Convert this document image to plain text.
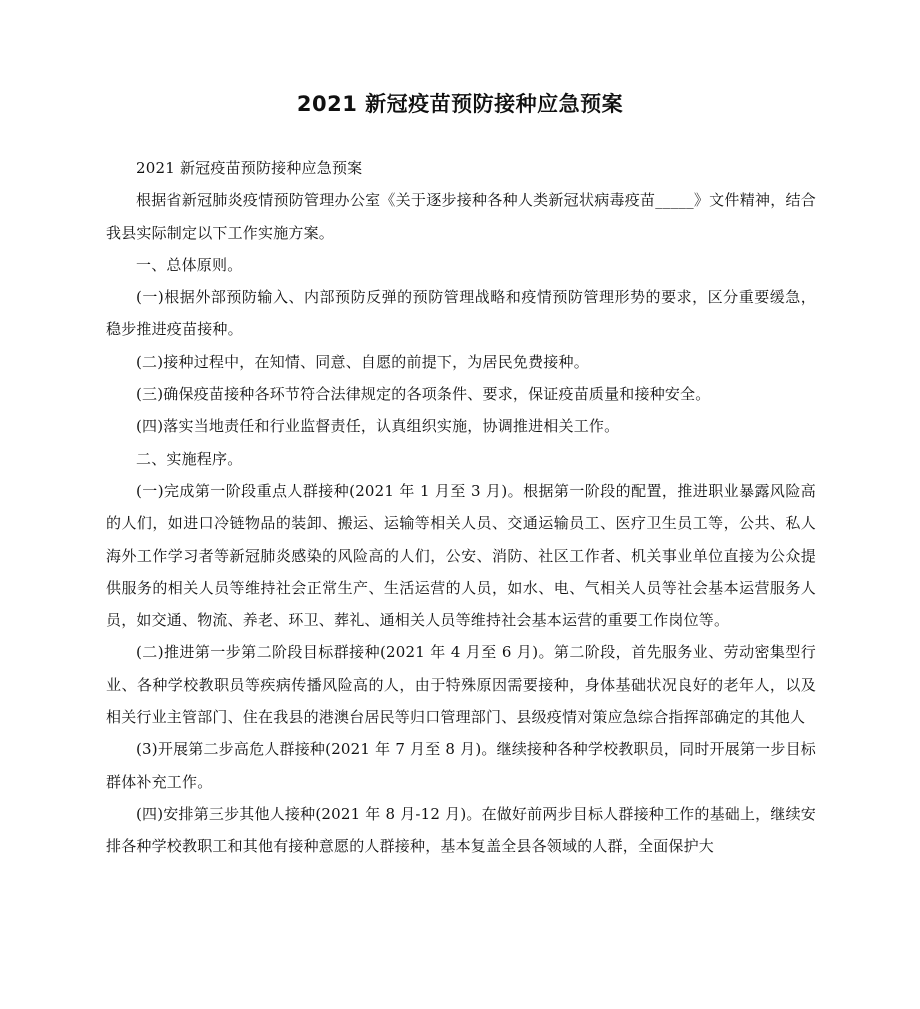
2021 新冠疫苗预防接种应急预案

2021 新冠疫苗预防接种应急预案

根据省新冠肺炎疫情预防管理办公室《关于逐步接种各种人类新冠状病毒疫苗_____》文件精神，结合我县实际制定以下工作实施方案。

一、总体原则。

(一)根据外部预防输入、内部预防反弹的预防管理战略和疫情预防管理形势的要求，区分重要缓急，稳步推进疫苗接种。

(二)接种过程中，在知情、同意、自愿的前提下，为居民免费接种。

(三)确保疫苗接种各环节符合法律规定的各项条件、要求，保证疫苗质量和接种安全。

(四)落实当地责任和行业监督责任，认真组织实施，协调推进相关工作。

二、实施程序。

(一)完成第一阶段重点人群接种(2021 年 1 月至 3 月)。根据第一阶段的配置，推进职业暴露风险高的人们，如进口冷链物品的装卸、搬运、运输等相关人员、交通运输员工、医疗卫生员工等，公共、私人海外工作学习者等新冠肺炎感染的风险高的人们，公安、消防、社区工作者、机关事业单位直接为公众提供服务的相关人员等维持社会正常生产、生活运营的人员，如水、电、气相关人员等社会基本运营服务人员，如交通、物流、养老、环卫、葬礼、通相关人员等维持社会基本运营的重要工作岗位等。

(二)推进第一步第二阶段目标群接种(2021 年 4 月至 6 月)。第二阶段，首先服务业、劳动密集型行业、各种学校教职员等疾病传播风险高的人，由于特殊原因需要接种，身体基础状况良好的老年人，以及相关行业主管部门、住在我县的港澳台居民等归口管理部门、县级疫情对策应急综合指挥部确定的其他人

(3)开展第二步高危人群接种(2021 年 7 月至 8 月)。继续接种各种学校教职员，同时开展第一步目标群体补充工作。

(四)安排第三步其他人接种(2021 年 8 月-12 月)。在做好前两步目标人群接种工作的基础上，继续安排各种学校教职工和其他有接种意愿的人群接种，基本复盖全县各领域的人群，全面保护大
